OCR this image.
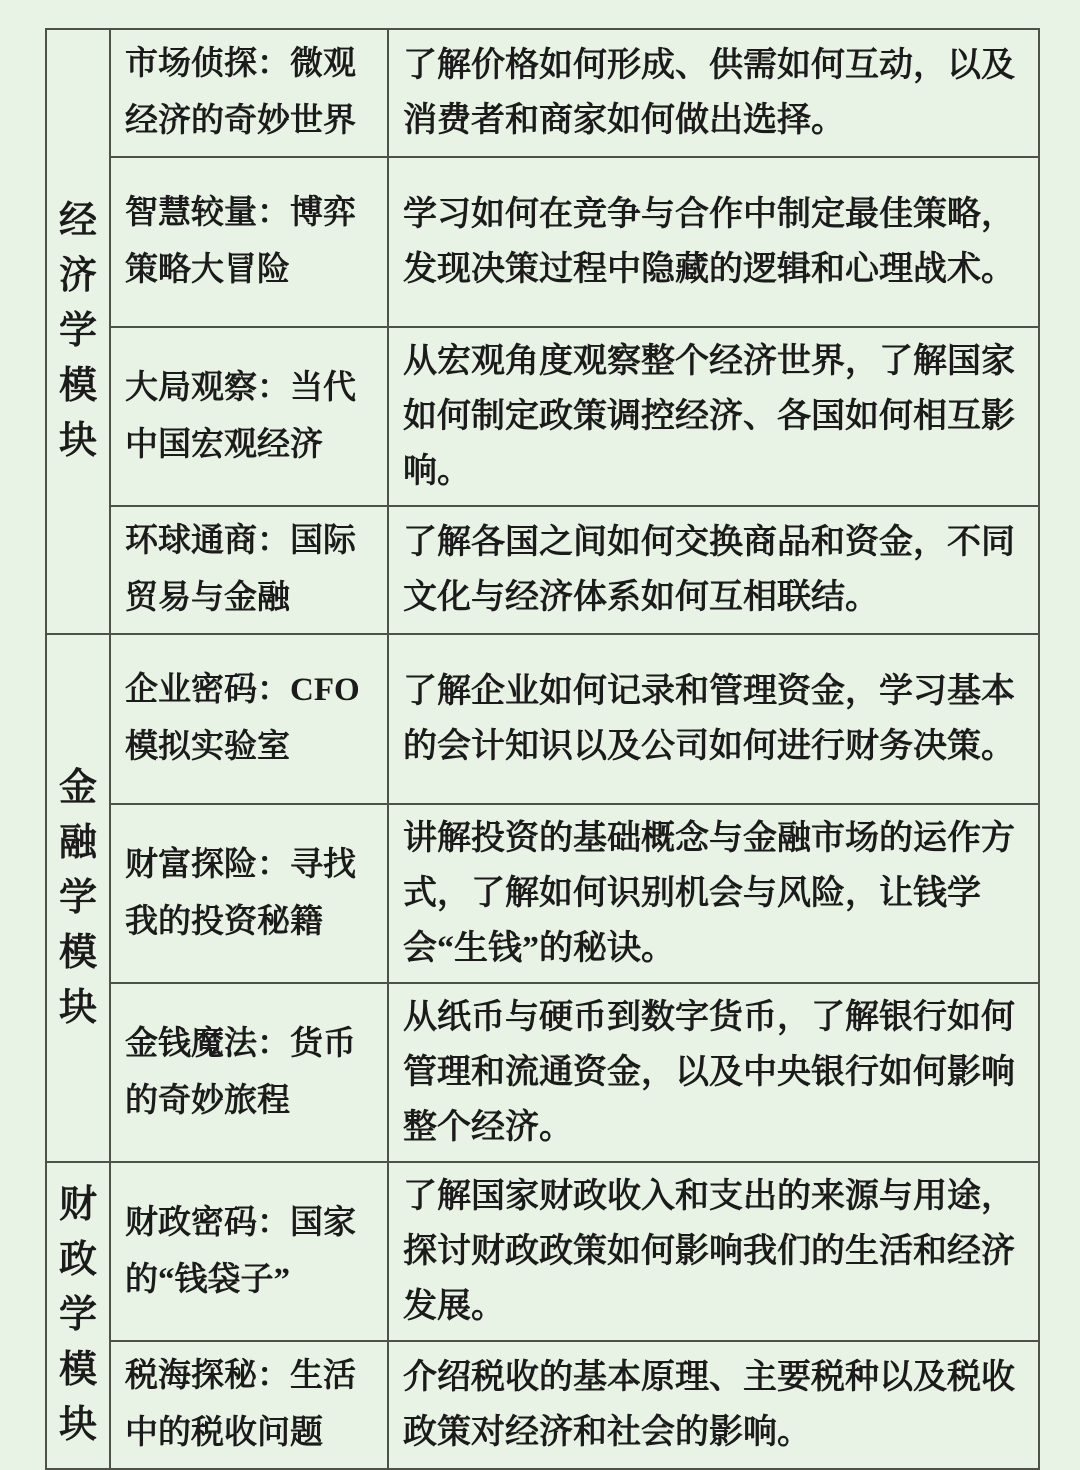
经济学模块	市场侦探：微观经济的奇妙世界	了解价格如何形成、供需如何互动，以及消费者和商家如何做出选择。
	智慧较量：博弈策略大冒险	学习如何在竞争与合作中制定最佳策略，发现决策过程中隐藏的逻辑和心理战术。
	大局观察：当代中国宏观经济	从宏观角度观察整个经济世界，了解国家如何制定政策调控经济、各国如何相互影响。
	环球通商：国际贸易与金融	了解各国之间如何交换商品和资金，不同文化与经济体系如何互相联结。
金融学模块	企业密码：CFO模拟实验室	了解企业如何记录和管理资金，学习基本的会计知识以及公司如何进行财务决策。
	财富探险：寻找我的投资秘籍	讲解投资的基础概念与金融市场的运作方式，了解如何识别机会与风险，让钱学会“生钱”的秘诀。
	金钱魔法：货币的奇妙旅程	从纸币与硬币到数字货币，了解银行如何管理和流通资金，以及中央银行如何影响整个经济。
财政学模块	财政密码：国家的“钱袋子”	了解国家财政收入和支出的来源与用途，探讨财政政策如何影响我们的生活和经济发展。
	税海探秘：生活中的税收问题	介绍税收的基本原理、主要税种以及税收政策对经济和社会的影响。
